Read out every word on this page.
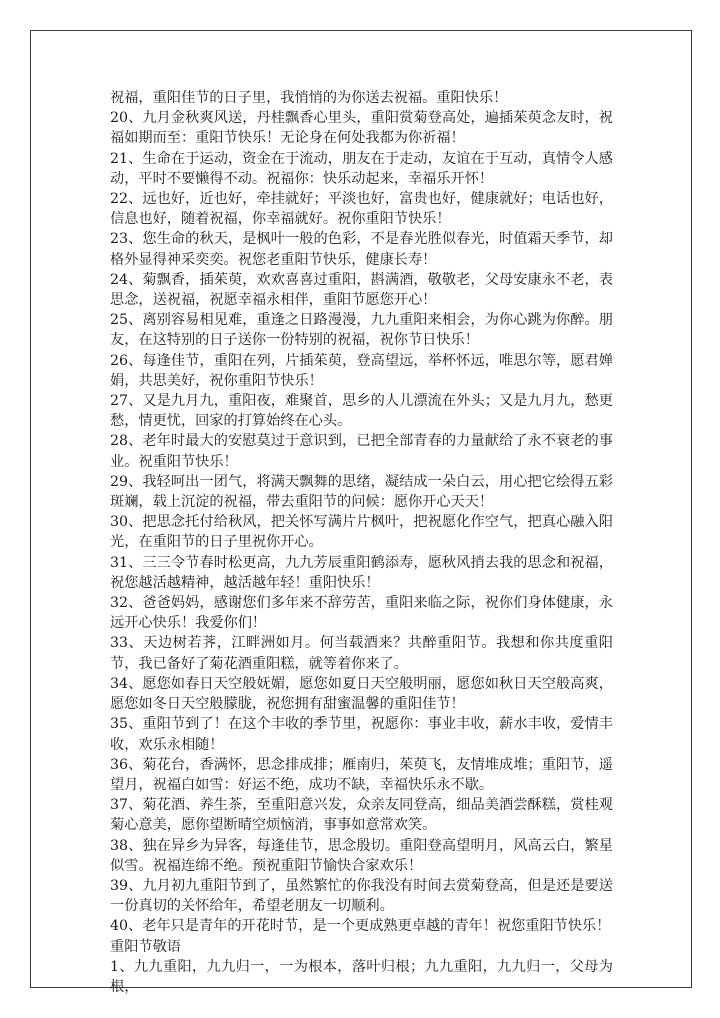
祝福，重阳佳节的日子里，我悄悄的为你送去祝福。重阳快乐！

20、九月金秋爽风送，丹桂飘香心里头，重阳赏菊登高处，遍插茱萸念友时，祝福如期而至：重阳节快乐！无论身在何处我都为你祈福！

21、生命在于运动，资金在于流动，朋友在于走动，友谊在于互动，真情令人感动，平时不要懒得不动。祝福你：快乐动起来，幸福乐开怀！

22、远也好，近也好，牵挂就好；平淡也好，富贵也好，健康就好；电话也好，信息也好，随着祝福，你幸福就好。祝你重阳节快乐！

23、您生命的秋天，是枫叶一般的色彩，不是春光胜似春光，时值霜天季节，却格外显得神采奕奕。祝您老重阳节快乐，健康长寿！

24、菊飘香，插茱萸，欢欢喜喜过重阳，斟满酒，敬敬老，父母安康永不老，表思念，送祝福，祝愿幸福永相伴，重阳节愿您开心！

25、离别容易相见难，重逢之日路漫漫，九九重阳来相会，为你心跳为你醉。朋友，在这特别的日子送你一份特别的祝福，祝你节日快乐！

26、每逢佳节，重阳在列，片插茱萸，登高望远，举杯怀远，唯思尔等，愿君婵娟，共思美好，祝你重阳节快乐！

27、又是九月九，重阳夜，难聚首，思乡的人儿漂流在外头；又是九月九，愁更愁，情更忧，回家的打算始终在心头。

28、老年时最大的安慰莫过于意识到，已把全部青春的力量献给了永不衰老的事业。祝重阳节快乐！

29、我轻呵出一团气，将满天飘舞的思绪，凝结成一朵白云，用心把它绘得五彩斑斓，载上沉淀的祝福，带去重阳节的问候：愿你开心天天！

30、把思念托付给秋风，把关怀写满片片枫叶，把祝愿化作空气，把真心融入阳光，在重阳节的日子里祝你开心。

31、三三令节春时松更高，九九芳辰重阳鹤添寿，愿秋风捎去我的思念和祝福，祝您越活越精神，越活越年轻！重阳快乐！

32、爸爸妈妈，感谢您们多年来不辞劳苦，重阳来临之际，祝你们身体健康，永远开心快乐！我爱你们！

33、天边树若荠，江畔洲如月。何当载酒来？共醉重阳节。我想和你共度重阳节，我已备好了菊花酒重阳糕，就等着你来了。

34、愿您如春日天空般妩媚，愿您如夏日天空般明丽，愿您如秋日天空般高爽，愿您如冬日天空般朦胧，祝您拥有甜蜜温馨的重阳佳节！

35、重阳节到了！在这个丰收的季节里，祝愿你：事业丰收，薪水丰收，爱情丰收，欢乐永相随！

36、菊花台，香满怀，思念排成排；雁南归，茱萸飞，友情堆成堆；重阳节，遥望月，祝福白如雪：好运不绝，成功不缺，幸福快乐永不歇。

37、菊花酒、养生茶，至重阳意兴发，众亲友同登高，细品美酒尝酥糕，赏桂观菊心意美，愿你望断晴空烦恼消，事事如意常欢笑。

38、独在异乡为异客，每逢佳节，思念殷切。重阳登高望明月，风高云白，繁星似雪。祝福连绵不绝。预祝重阳节愉快合家欢乐！

39、九月初九重阳节到了，虽然繁忙的你我没有时间去赏菊登高，但是还是要送一份真切的关怀给年，希望老朋友一切顺利。

40、老年只是青年的开花时节，是一个更成熟更卓越的青年！祝您重阳节快乐！

重阳节敬语

1、九九重阳，九九归一，一为根本，落叶归根；九九重阳，九九归一，父母为根，
